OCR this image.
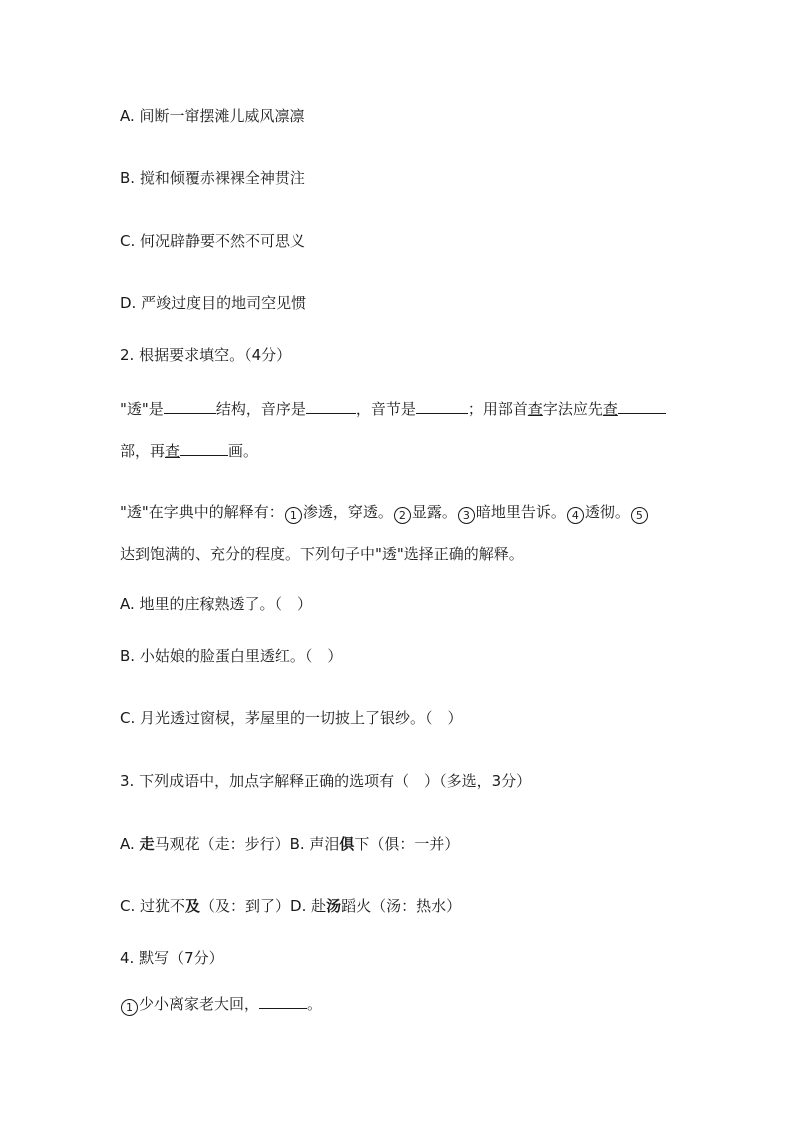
A. 间断一窜摆滩儿威风凛凛
B. 搅和倾覆赤裸裸全神贯注
C. 何况辟静要不然不可思义
D. 严竣过度目的地司空见惯
2. 根据要求填空。（4分）
"透"是	结构，音序是	，音节是	；用部首查字法应先查
部，再查	画。
"透"在字典中的解释有： 1 渗透，穿透。 2 显露。 3 暗地里告诉。 4 透彻。 5
达到饱满的、充分的程度。下列句子中"透"选择正确的解释。
A. 地里的庄稼熟透了。（　）
B. 小姑娘的脸蛋白里透红。（　）
C. 月光透过窗棂，茅屋里的一切披上了银纱。（　）
3. 下列成语中，加点字解释正确的选项有（　）（多选，3分）
A. 走马观花（走：步行）B. 声泪俱下（俱：一并）
C. 过犹不及（及：到了）D. 赴汤蹈火（汤：热水）
4. 默写（7分）
1 少小离家老大回，	。
